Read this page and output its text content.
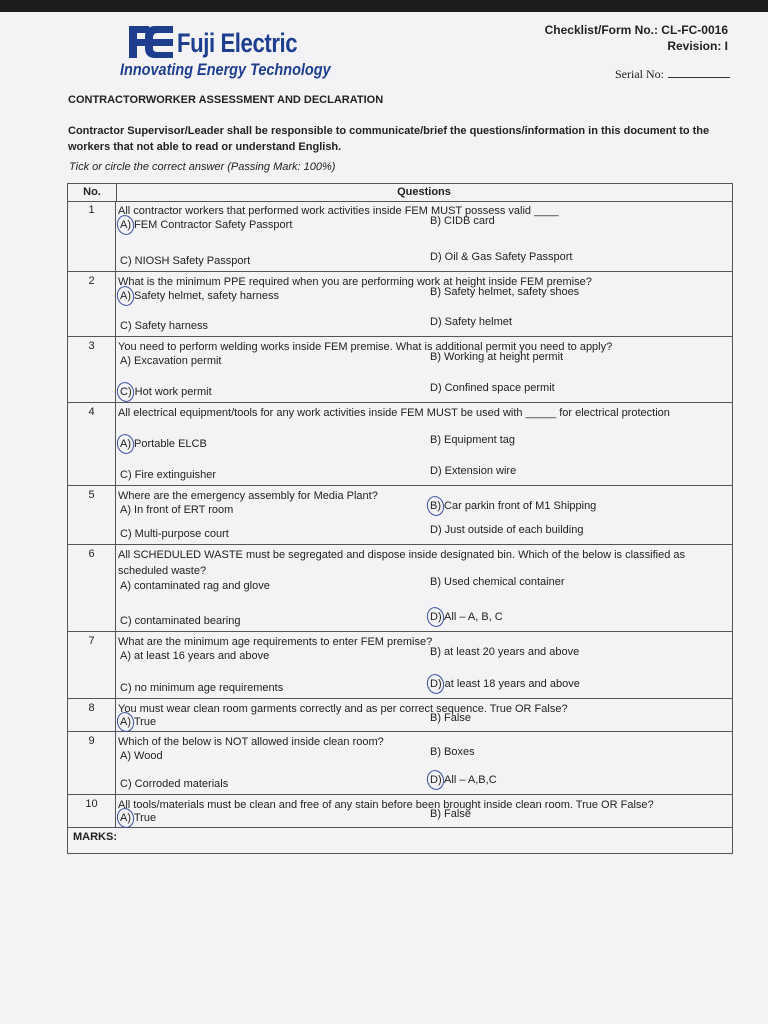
Fuji Electric
Innovating Energy Technology
Checklist/Form No.: CL-FC-0016
Revision: I
Serial No:
CONTRACTORWORKER ASSESSMENT AND DECLARATION
Contractor Supervisor/Leader shall be responsible to communicate/brief the questions/information in this document to the workers that not able to read or understand English.
Tick or circle the correct answer (Passing Mark: 100%)
No.	Questions
1	All contractor workers that performed work activities inside FEM MUST possess valid ____
A) FEM Contractor Safety Passport	B) CIDB card
C) NIOSH Safety Passport	D) Oil & Gas Safety Passport
2	What is the minimum PPE required when you are performing work at height inside FEM premise?
A) Safety helmet, safety harness	B) Safety helmet, safety shoes
C) Safety harness	D) Safety helmet
3	You need to perform welding works inside FEM premise. What is additional permit you need to apply?
A) Excavation permit	B) Working at height permit
C) Hot work permit	D) Confined space permit
4	All electrical equipment/tools for any work activities inside FEM MUST be used with _____ for electrical protection
A) Portable ELCB	B) Equipment tag
C) Fire extinguisher	D) Extension wire
5	Where are the emergency assembly for Media Plant?
A) In front of ERT room	B) Car parkin front of M1 Shipping
C) Multi-purpose court	D) Just outside of each building
6	All SCHEDULED WASTE must be segregated and dispose inside designated bin. Which of the below is classified as scheduled waste?
A) contaminated rag and glove	B) Used chemical container
C) contaminated bearing	D) All – A, B, C
7	What are the minimum age requirements to enter FEM premise?
A) at least 16 years and above	B) at least 20 years and above
C) no minimum age requirements	D) at least 18 years and above
8	You must wear clean room garments correctly and as per correct sequence. True OR False?
A) True	B) False
9	Which of the below is NOT allowed inside clean room?
A) Wood	B) Boxes
C) Corroded materials	D) All – A,B,C
10	All tools/materials must be clean and free of any stain before been brought inside clean room. True OR False?
A) True	B) False
MARKS:
